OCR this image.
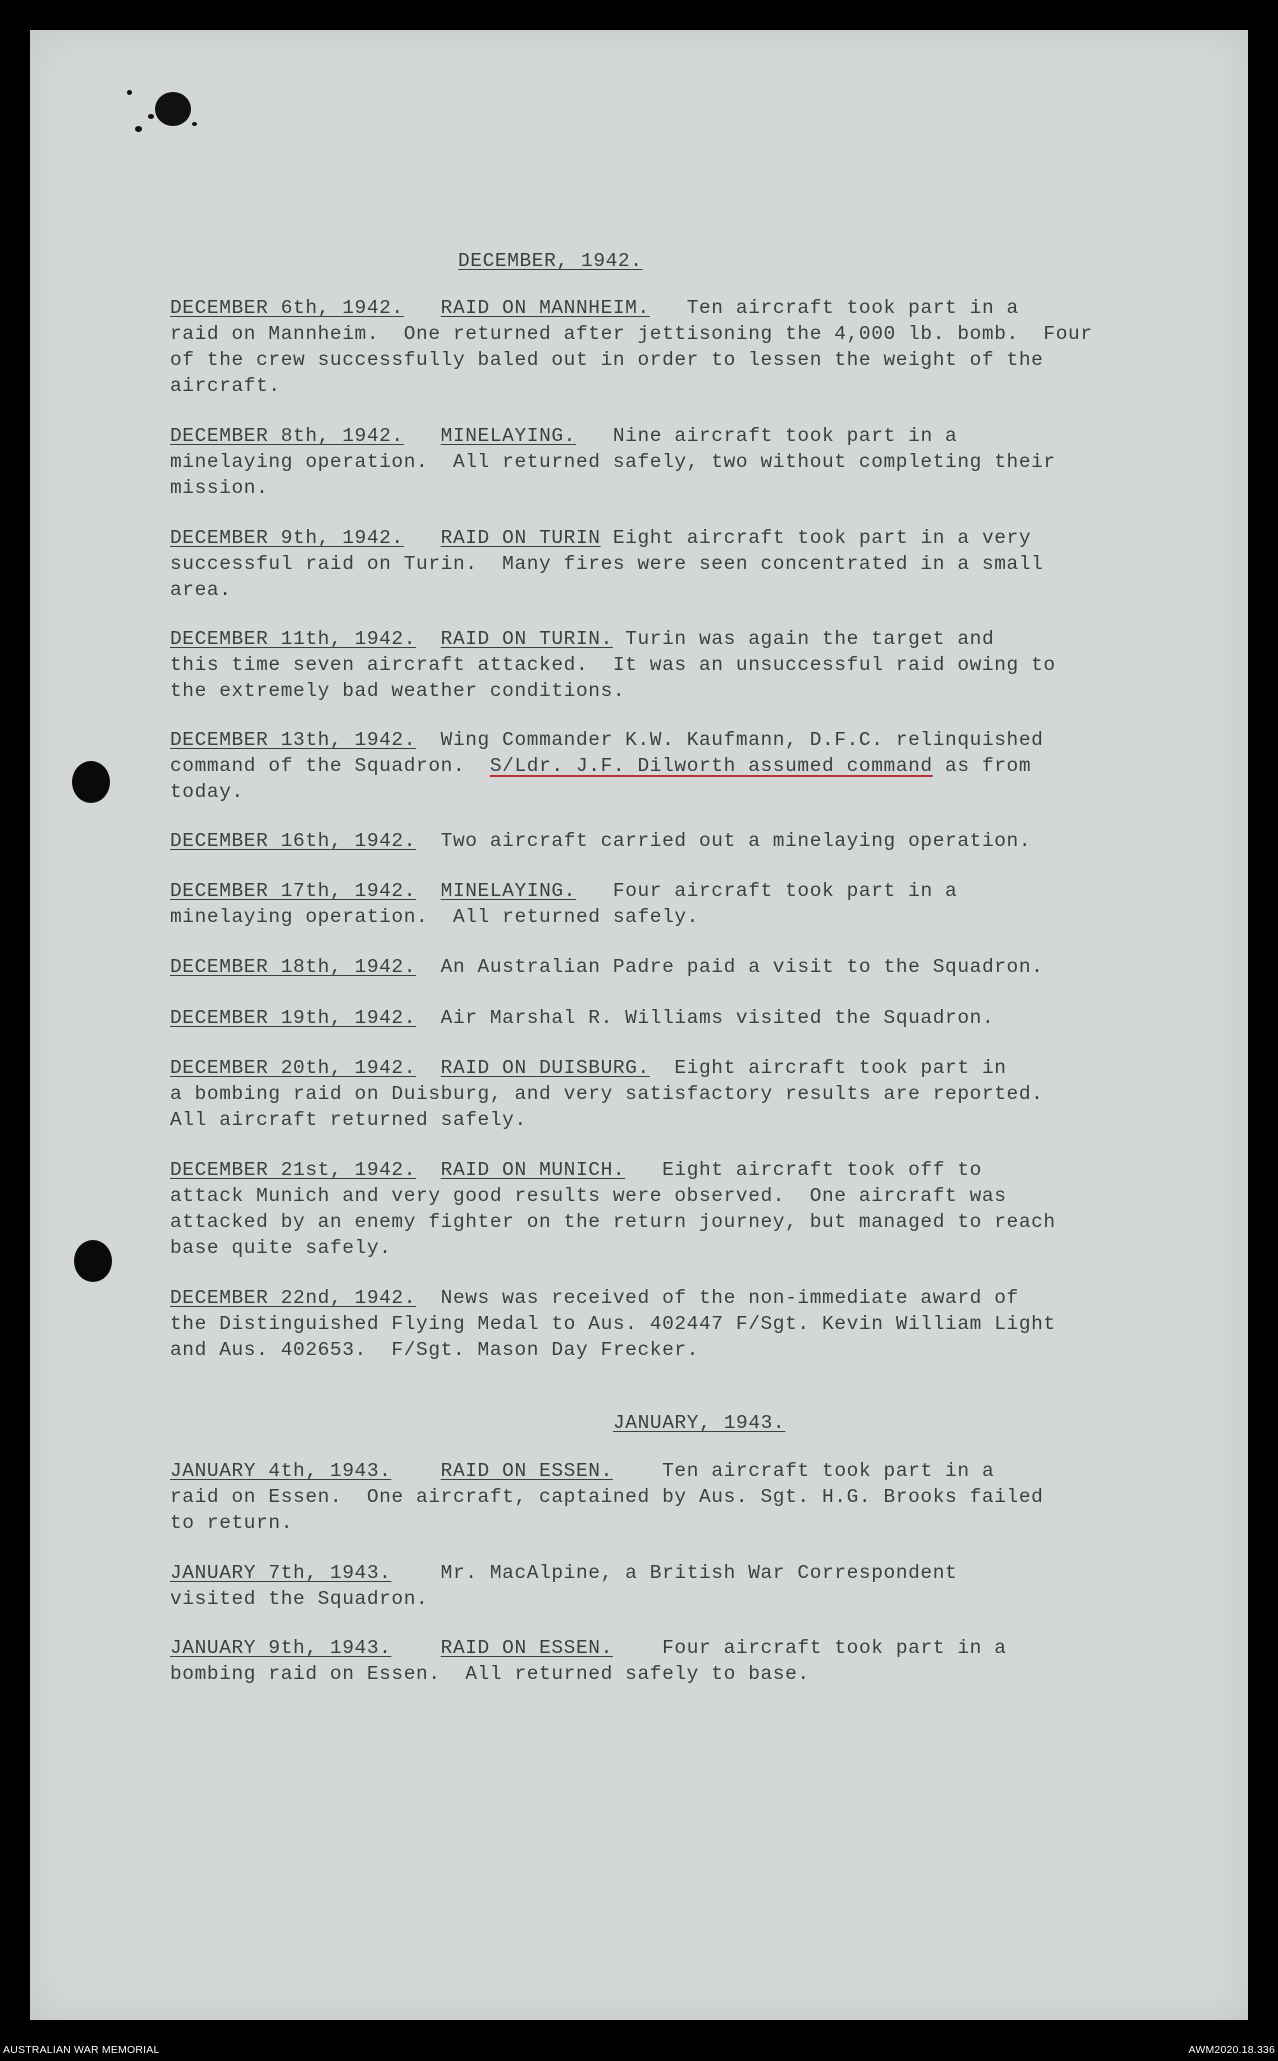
DECEMBER, 1942.
DECEMBER 6th, 1942. RAID ON MANNHEIM. Ten aircraft took part in a
raid on Mannheim.  One returned after jettisoning the 4,000 lb. bomb.  Four
of the crew successfully baled out in order to lessen the weight of the
aircraft.
DECEMBER 8th, 1942. MINELAYING. Nine aircraft took part in a
minelaying operation.  All returned safely, two without completing their
mission.
DECEMBER 9th, 1942. RAID ON TURIN Eight aircraft took part in a very
successful raid on Turin.  Many fires were seen concentrated in a small
area.
DECEMBER 11th, 1942. RAID ON TURIN. Turin was again the target and
this time seven aircraft attacked.  It was an unsuccessful raid owing to
the extremely bad weather conditions.
DECEMBER 13th, 1942. Wing Commander K.W. Kaufmann, D.F.C. relinquished
command of the Squadron. S/Ldr. J.F. Dilworth assumed command as from
today.
DECEMBER 16th, 1942. Two aircraft carried out a minelaying operation.
DECEMBER 17th, 1942. MINELAYING. Four aircraft took part in a
minelaying operation.  All returned safely.
DECEMBER 18th, 1942. An Australian Padre paid a visit to the Squadron.
DECEMBER 19th, 1942. Air Marshal R. Williams visited the Squadron.
DECEMBER 20th, 1942. RAID ON DUISBURG. Eight aircraft took part in
a bombing raid on Duisburg, and very satisfactory results are reported.
All aircraft returned safely.
DECEMBER 21st, 1942. RAID ON MUNICH. Eight aircraft took off to
attack Munich and very good results were observed.  One aircraft was
attacked by an enemy fighter on the return journey, but managed to reach
base quite safely.
DECEMBER 22nd, 1942. News was received of the non-immediate award of
the Distinguished Flying Medal to Aus. 402447 F/Sgt. Kevin William Light
and Aus. 402653.  F/Sgt. Mason Day Frecker.
JANUARY, 1943.
JANUARY 4th, 1943.	RAID ON ESSEN.	Ten aircraft took part in a
raid on Essen.  One aircraft, captained by Aus. Sgt. H.G. Brooks failed
to return.
JANUARY 7th, 1943.	Mr. MacAlpine, a British War Correspondent
visited the Squadron.
JANUARY 9th, 1943.	RAID ON ESSEN.	Four aircraft took part in a
bombing raid on Essen.  All returned safely to base.
AUSTRALIAN WAR MEMORIAL	AWM2020.18.336
